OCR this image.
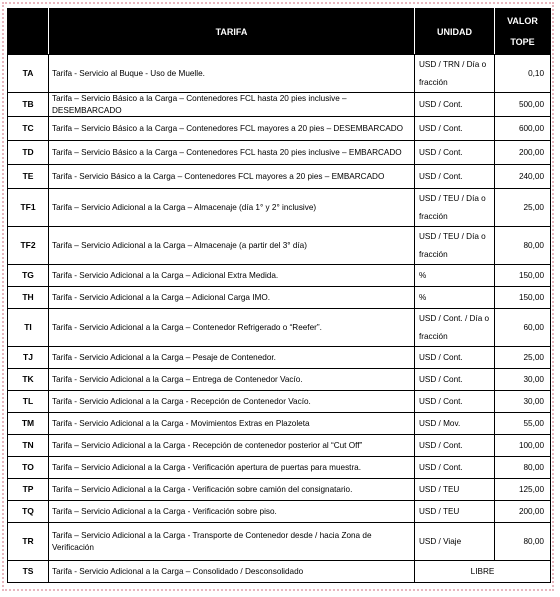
	TARIFA	UNIDAD	VALOR
TOPE
TA	Tarifa - Servicio al Buque - Uso de Muelle.	USD / TRN / Día o fracción	0,10
TB	Tarifa – Servicio Básico a la Carga – Contenedores FCL hasta 20 pies inclusive – DESEMBARCADO	USD / Cont.	500,00
TC	Tarifa – Servicio Básico a la Carga – Contenedores FCL mayores a 20 pies – DESEMBARCADO	USD / Cont.	600,00
TD	Tarifa – Servicio Básico a la Carga – Contenedores FCL hasta 20 pies inclusive – EMBARCADO	USD / Cont.	200,00
TE	Tarifa - Servicio Básico a la Carga – Contenedores FCL mayores a 20 pies – EMBARCADO	USD / Cont.	240,00
TF1	Tarifa – Servicio Adicional a la Carga – Almacenaje (día 1° y 2° inclusive)	USD / TEU / Día o fracción	25,00
TF2	Tarifa – Servicio Adicional a la Carga – Almacenaje (a partir del 3° día)	USD / TEU / Día o fracción	80,00
TG	Tarifa - Servicio Adicional a la Carga – Adicional Extra Medida.	%	150,00
TH	Tarifa - Servicio Adicional a la Carga – Adicional Carga IMO.	%	150,00
TI	Tarifa - Servicio Adicional a la Carga – Contenedor Refrigerado o “Reefer”.	USD / Cont. / Día o fracción	60,00
TJ	Tarifa - Servicio Adicional a la Carga – Pesaje de Contenedor.	USD / Cont.	25,00
TK	Tarifa - Servicio Adicional a la Carga – Entrega de Contenedor Vacío.	USD / Cont.	30,00
TL	Tarifa - Servicio Adicional a la Carga - Recepción de Contenedor Vacío.	USD / Cont.	30,00
TM	Tarifa - Servicio Adicional a la Carga - Movimientos Extras en Plazoleta	USD / Mov.	55,00
TN	Tarifa – Servicio Adicional a la Carga - Recepción de contenedor posterior al “Cut Off”	USD / Cont.	100,00
TO	Tarifa – Servicio Adicional a la Carga - Verificación apertura de puertas para muestra.	USD / Cont.	80,00
TP	Tarifa – Servicio Adicional a la Carga - Verificación sobre camión del consignatario.	USD / TEU	125,00
TQ	Tarifa – Servicio Adicional a la Carga - Verificación sobre piso.	USD / TEU	200,00
TR	Tarifa – Servicio Adicional a la Carga - Transporte de Contenedor desde / hacia Zona de Verificación	USD / Viaje	80,00
TS	Tarifa - Servicio Adicional a la Carga – Consolidado / Desconsolidado	LIBRE	
